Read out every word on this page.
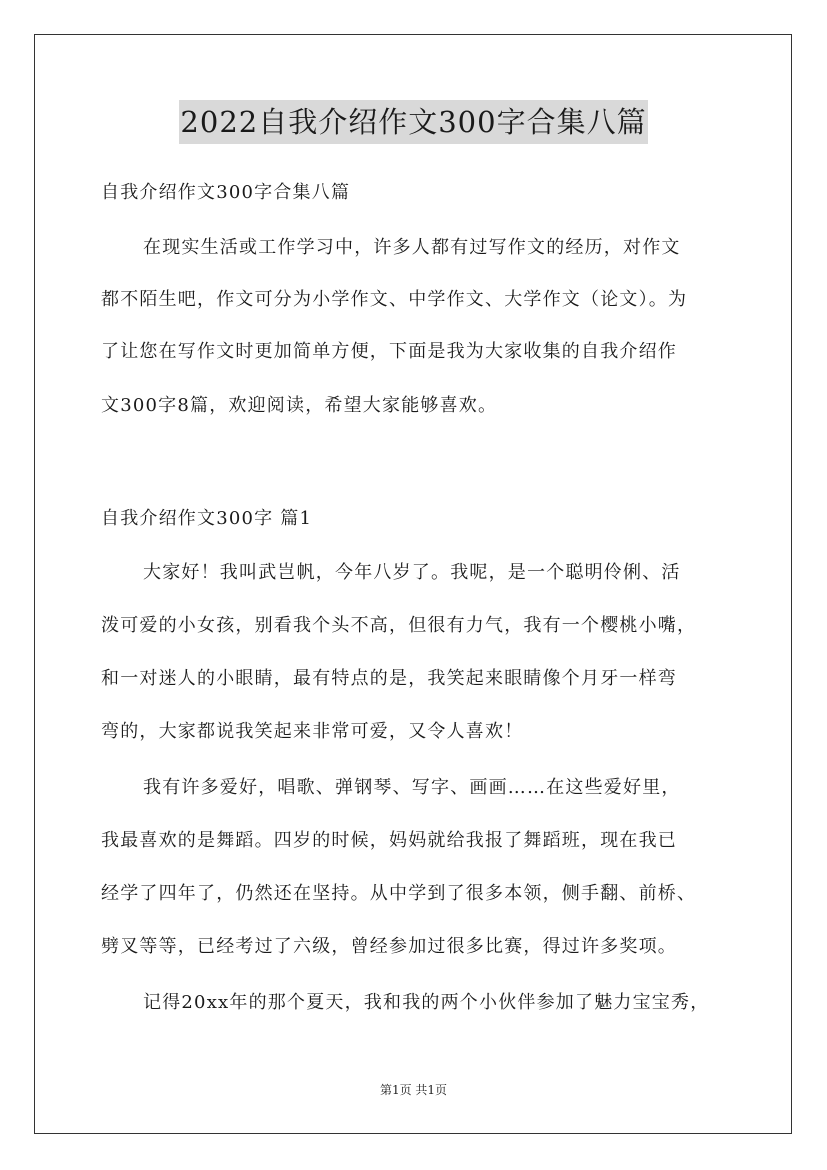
2022自我介绍作文300字合集八篇

自我介绍作文300字合集八篇

在现实生活或工作学习中，许多人都有过写作文的经历，对作文

都不陌生吧，作文可分为小学作文、中学作文、大学作文（论文）。为

了让您在写作文时更加简单方便，下面是我为大家收集的自我介绍作

文300字8篇，欢迎阅读，希望大家能够喜欢。

自我介绍作文300字 篇1

大家好！我叫武岂帆，今年八岁了。我呢，是一个聪明伶俐、活

泼可爱的小女孩，别看我个头不高，但很有力气，我有一个樱桃小嘴，

和一对迷人的小眼睛，最有特点的是，我笑起来眼睛像个月牙一样弯

弯的，大家都说我笑起来非常可爱，又令人喜欢！

我有许多爱好，唱歌、弹钢琴、写字、画画……在这些爱好里，

我最喜欢的是舞蹈。四岁的时候，妈妈就给我报了舞蹈班，现在我已

经学了四年了，仍然还在坚持。从中学到了很多本领，侧手翻、前桥、

劈叉等等，已经考过了六级，曾经参加过很多比赛，得过许多奖项。

记得20xx年的那个夏天，我和我的两个小伙伴参加了魅力宝宝秀，

第1页 共1页
